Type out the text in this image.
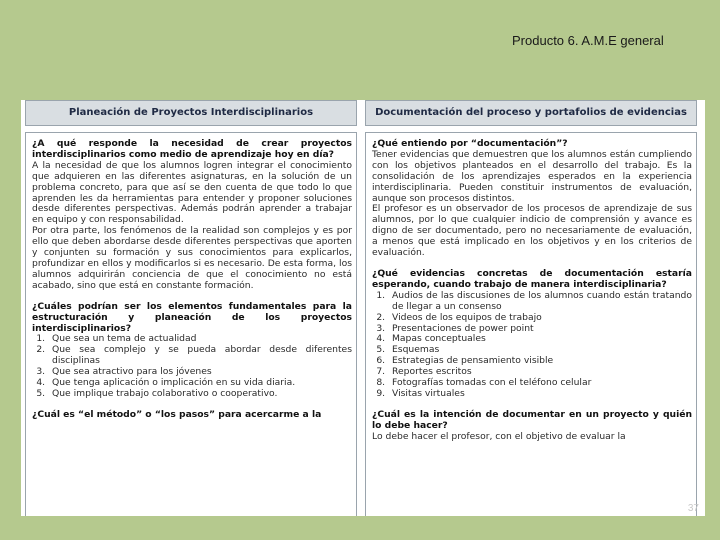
Producto 6. A.M.E general
Planeación de Proyectos Interdisciplinarios

¿A qué responde la necesidad de crear proyectos interdisciplinarios como medio de aprendizaje hoy en día?

A la necesidad de que los alumnos logren integrar el conocimiento que adquieren en las diferentes asignaturas, en la solución de un problema concreto, para que así se den cuenta de que todo lo que aprenden les da herramientas para entender y proponer soluciones desde diferentes perspectivas. Además podrán aprender a trabajar en equipo y con responsabilidad.

Por otra parte, los fenómenos de la realidad son complejos y es por ello que deben abordarse desde diferentes perspectivas que aporten y conjunten su formación y sus conocimientos para explicarlos, profundizar en ellos y modificarlos si es necesario. De esta forma, los alumnos adquirirán conciencia de que el conocimiento no está acabado, sino que está en constante formación.

¿Cuáles podrían ser los elementos fundamentales para la estructuración y planeación de los proyectos interdisciplinarios?

1. Que sea un tema de actualidad
2. Que sea complejo y se pueda abordar desde diferentes disciplinas
3. Que sea atractivo para los jóvenes
4. Que tenga aplicación o implicación en su vida diaria.
5. Que implique trabajo colaborativo o cooperativo.

¿Cuál es “el método” o “los pasos” para acercarme a la

Documentación del proceso y portafolios de evidencias

¿Qué entiendo por “documentación”?

Tener evidencias que demuestren que los alumnos están cumpliendo con los objetivos planteados en el desarrollo del trabajo. Es la consolidación de los aprendizajes esperados en la experiencia interdisciplinaria. Pueden constituir instrumentos de evaluación, aunque son procesos distintos.

El profesor es un observador de los procesos de aprendizaje de sus alumnos, por lo que cualquier indicio de comprensión y avance es digno de ser documentado, pero no necesariamente de evaluación, a menos que está implicado en los objetivos y en los criterios de evaluación.

¿Qué evidencias concretas de documentación estaría esperando, cuando trabajo de manera interdisciplinaria?

1. Audios de las discusiones de los alumnos cuando están tratando de llegar a un consenso
2. Videos de los equipos de trabajo
3. Presentaciones de power point
4. Mapas conceptuales
5. Esquemas
6. Estrategias de pensamiento visible
7. Reportes escritos
8. Fotografías tomadas con el teléfono celular
9. Visitas virtuales

¿Cuál es la intención de documentar en un proyecto y quién lo debe hacer?

Lo debe hacer el profesor, con el objetivo de evaluar la

37
